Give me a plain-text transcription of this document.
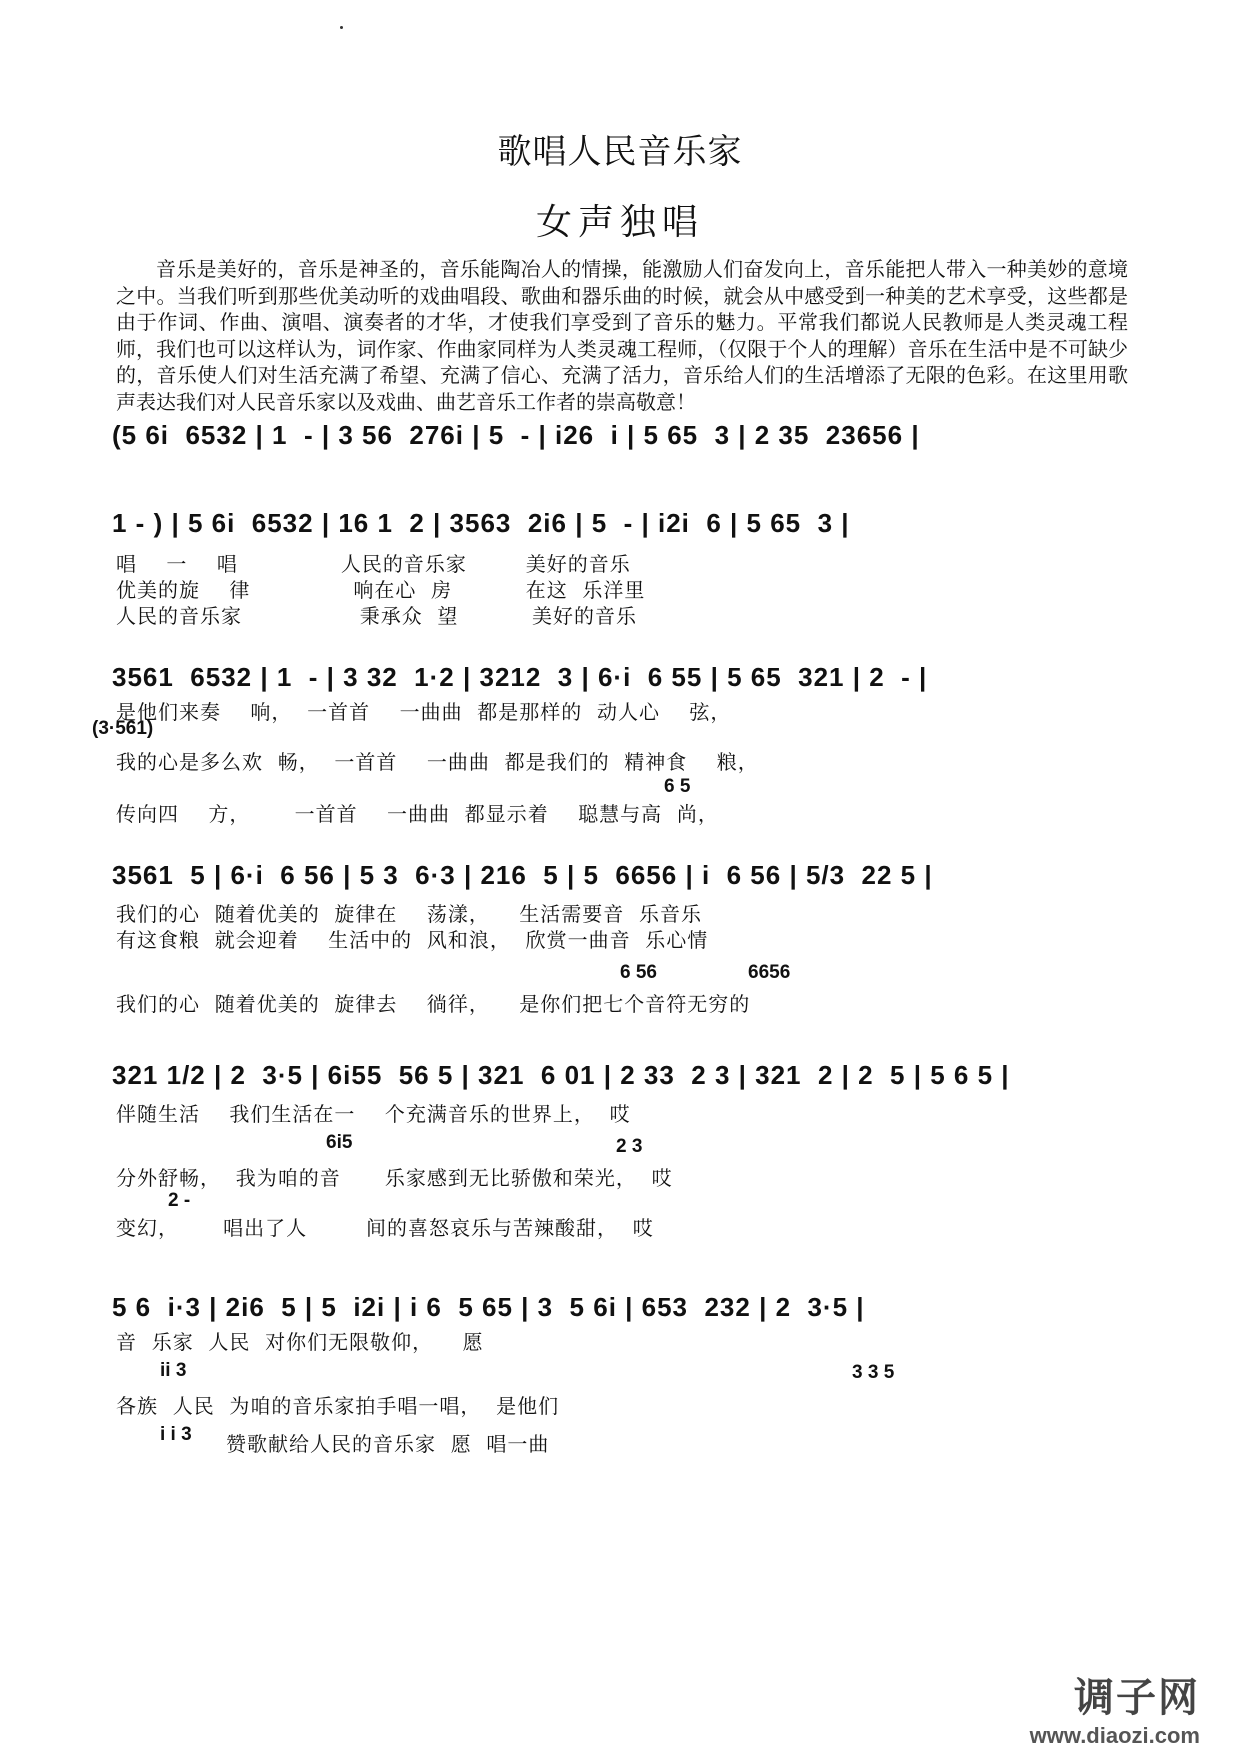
歌唱人民音乐家
女声独唱

音乐是美好的，音乐是神圣的，音乐能陶冶人的情操，能激励人们奋发向上，音乐能把人带入一种美妙的意境之中。当我们听到那些优美动听的戏曲唱段、歌曲和器乐曲的时候，就会从中感受到一种美的艺术享受，这些都是由于作词、作曲、演唱、演奏者的才华，才使我们享受到了音乐的魅力。平常我们都说人民教师是人类灵魂工程师，我们也可以这样认为，词作家、作曲家同样为人类灵魂工程师，（仅限于个人的理解）音乐在生活中是不可缺少的，音乐使人们对生活充满了希望、充满了信心、充满了活力，音乐给人们的生活增添了无限的色彩。在这里用歌声表达我们对人民音乐家以及戏曲、曲艺音乐工作者的崇高敬意！

(5 6i  6532 | 1  - | 3 56  276i | 5  - | i26  i | 5 65  3 | 2 35  23656 |
1 - ) | 5 6i  6532 | 16 1  2 | 3563  2i6 | 5  - | i2i  6 | 5 65  3 |
唱    一    唱              人民的音乐家        美好的音乐
优美的旋    律              响在心  房          在这  乐洋里
人民的音乐家                秉承众  望          美好的音乐
3561  6532 | 1  - | 3 32  1·2 | 3212  3 | 6·i  6 55 | 5 65  321 | 2  - |
是他们来奏    响，  一首首    一曲曲  都是那样的  动人心    弦，
(3·561)
我的心是多么欢  畅，  一首首    一曲曲  都是我们的  精神食    粮，
6 5
传向四    方，      一首首    一曲曲  都显示着    聪慧与高  尚，
3561  5 | 6·i  6 56 | 5 3  6·3 | 216  5 | 5  6656 | i  6 56 | 5/3  22 5 |
我们的心  随着优美的  旋律在    荡漾，    生活需要音  乐音乐
有这食粮  就会迎着    生活中的  风和浪，  欣赏一曲音  乐心情
6 56	6656
我们的心  随着优美的  旋律去    徜徉，    是你们把七个音符无穷的
321 1/2 | 2  3·5 | 6i55  56 5 | 321  6 01 | 2 33  2 3 | 321  2 | 2  5 | 5 6 5 |
伴随生活    我们生活在一    个充满音乐的世界上，  哎
6i5	2 3
分外舒畅，  我为咱的音      乐家感到无比骄傲和荣光，  哎
2 -
变幻，      唱出了人        间的喜怒哀乐与苦辣酸甜，  哎
5 6  i·3 | 2i6  5 | 5  i2i | i 6  5 65 | 3  5 6i | 653  232 | 2  3·5 |
音  乐家  人民  对你们无限敬仰，    愿
ii 3	3 3 5
各族  人民  为咱的音乐家拍手唱一唱，  是他们
i i 3 赞歌献给人民的音乐家  愿  唱一曲
调子网
www.diaozi.com
